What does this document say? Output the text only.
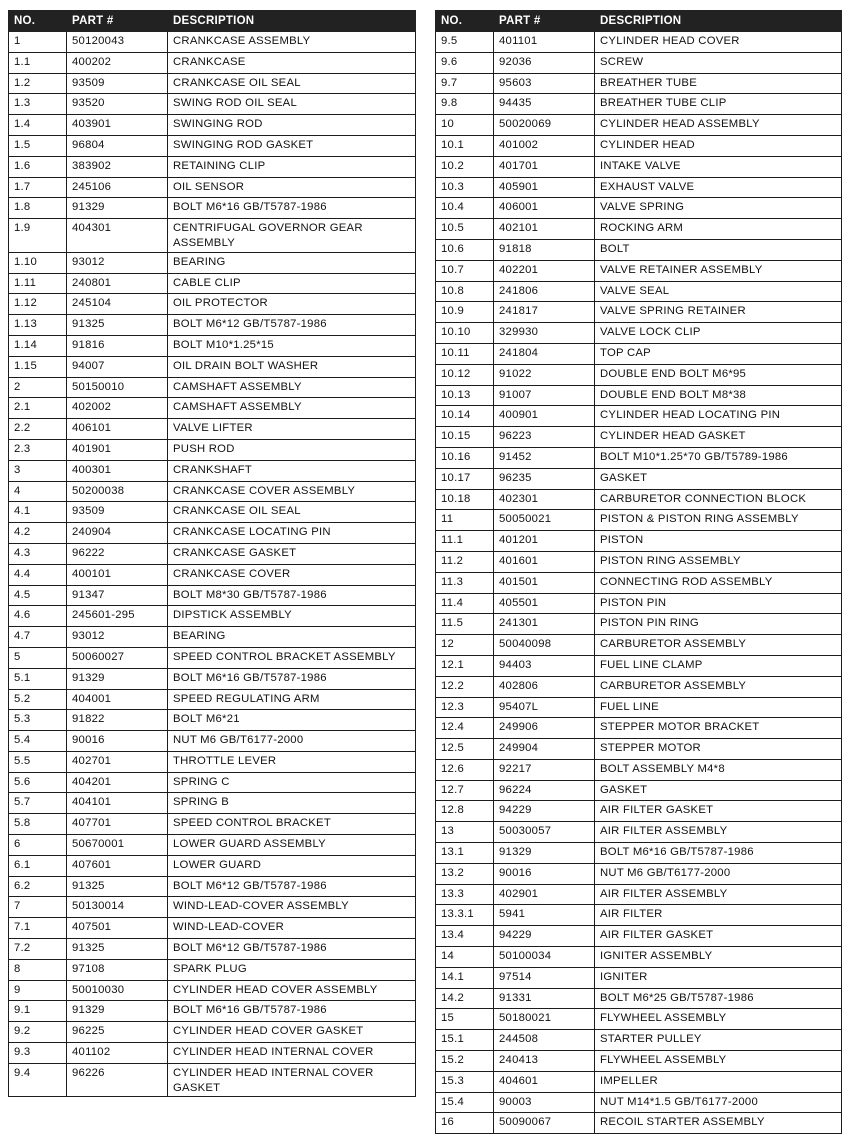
NO.	PART #	DESCRIPTION
1	50120043	CRANKCASE ASSEMBLY
1.1	400202	CRANKCASE
1.2	93509	CRANKCASE OIL SEAL
1.3	93520	SWING ROD OIL SEAL
1.4	403901	SWINGING ROD
1.5	96804	SWINGING ROD GASKET
1.6	383902	RETAINING CLIP
1.7	245106	OIL SENSOR
1.8	91329	BOLT M6*16 GB/T5787-1986
1.9	404301	CENTRIFUGAL GOVERNOR GEAR ASSEMBLY
1.10	93012	BEARING
1.11	240801	CABLE CLIP
1.12	245104	OIL PROTECTOR
1.13	91325	BOLT M6*12 GB/T5787-1986
1.14	91816	BOLT M10*1.25*15
1.15	94007	OIL DRAIN BOLT WASHER
2	50150010	CAMSHAFT ASSEMBLY
2.1	402002	CAMSHAFT ASSEMBLY
2.2	406101	VALVE LIFTER
2.3	401901	PUSH ROD
3	400301	CRANKSHAFT
4	50200038	CRANKCASE COVER ASSEMBLY
4.1	93509	CRANKCASE OIL SEAL
4.2	240904	CRANKCASE LOCATING PIN
4.3	96222	CRANKCASE GASKET
4.4	400101	CRANKCASE COVER
4.5	91347	BOLT M8*30 GB/T5787-1986
4.6	245601-295	DIPSTICK ASSEMBLY
4.7	93012	BEARING
5	50060027	SPEED CONTROL BRACKET ASSEMBLY
5.1	91329	BOLT M6*16 GB/T5787-1986
5.2	404001	SPEED REGULATING ARM
5.3	91822	BOLT M6*21
5.4	90016	NUT M6 GB/T6177-2000
5.5	402701	THROTTLE LEVER
5.6	404201	SPRING C
5.7	404101	SPRING B
5.8	407701	SPEED CONTROL BRACKET
6	50670001	LOWER GUARD ASSEMBLY
6.1	407601	LOWER GUARD
6.2	91325	BOLT M6*12 GB/T5787-1986
7	50130014	WIND-LEAD-COVER ASSEMBLY
7.1	407501	WIND-LEAD-COVER
7.2	91325	BOLT M6*12 GB/T5787-1986
8	97108	SPARK PLUG
9	50010030	CYLINDER HEAD COVER ASSEMBLY
9.1	91329	BOLT M6*16 GB/T5787-1986
9.2	96225	CYLINDER HEAD COVER GASKET
9.3	401102	CYLINDER HEAD INTERNAL COVER
9.4	96226	CYLINDER HEAD INTERNAL COVER GASKET
NO.	PART #	DESCRIPTION
9.5	401101	CYLINDER HEAD COVER
9.6	92036	SCREW
9.7	95603	BREATHER TUBE
9.8	94435	BREATHER TUBE CLIP
10	50020069	CYLINDER HEAD ASSEMBLY
10.1	401002	CYLINDER HEAD
10.2	401701	INTAKE VALVE
10.3	405901	EXHAUST VALVE
10.4	406001	VALVE SPRING
10.5	402101	ROCKING ARM
10.6	91818	BOLT
10.7	402201	VALVE RETAINER ASSEMBLY
10.8	241806	VALVE SEAL
10.9	241817	VALVE SPRING RETAINER
10.10	329930	VALVE LOCK CLIP
10.11	241804	TOP CAP
10.12	91022	DOUBLE END BOLT M6*95
10.13	91007	DOUBLE END BOLT M8*38
10.14	400901	CYLINDER HEAD LOCATING PIN
10.15	96223	CYLINDER HEAD GASKET
10.16	91452	BOLT M10*1.25*70 GB/T5789-1986
10.17	96235	GASKET
10.18	402301	CARBURETOR CONNECTION BLOCK
11	50050021	PISTON & PISTON RING ASSEMBLY
11.1	401201	PISTON
11.2	401601	PISTON RING ASSEMBLY
11.3	401501	CONNECTING ROD ASSEMBLY
11.4	405501	PISTON PIN
11.5	241301	PISTON PIN RING
12	50040098	CARBURETOR ASSEMBLY
12.1	94403	FUEL LINE CLAMP
12.2	402806	CARBURETOR ASSEMBLY
12.3	95407L	FUEL LINE
12.4	249906	STEPPER MOTOR BRACKET
12.5	249904	STEPPER MOTOR
12.6	92217	BOLT ASSEMBLY M4*8
12.7	96224	GASKET
12.8	94229	AIR FILTER GASKET
13	50030057	AIR FILTER ASSEMBLY
13.1	91329	BOLT M6*16 GB/T5787-1986
13.2	90016	NUT M6 GB/T6177-2000
13.3	402901	AIR FILTER ASSEMBLY
13.3.1	5941	AIR FILTER
13.4	94229	AIR FILTER GASKET
14	50100034	IGNITER ASSEMBLY
14.1	97514	IGNITER
14.2	91331	BOLT M6*25 GB/T5787-1986
15	50180021	FLYWHEEL ASSEMBLY
15.1	244508	STARTER PULLEY
15.2	240413	FLYWHEEL ASSEMBLY
15.3	404601	IMPELLER
15.4	90003	NUT M14*1.5 GB/T6177-2000
16	50090067	RECOIL STARTER ASSEMBLY
